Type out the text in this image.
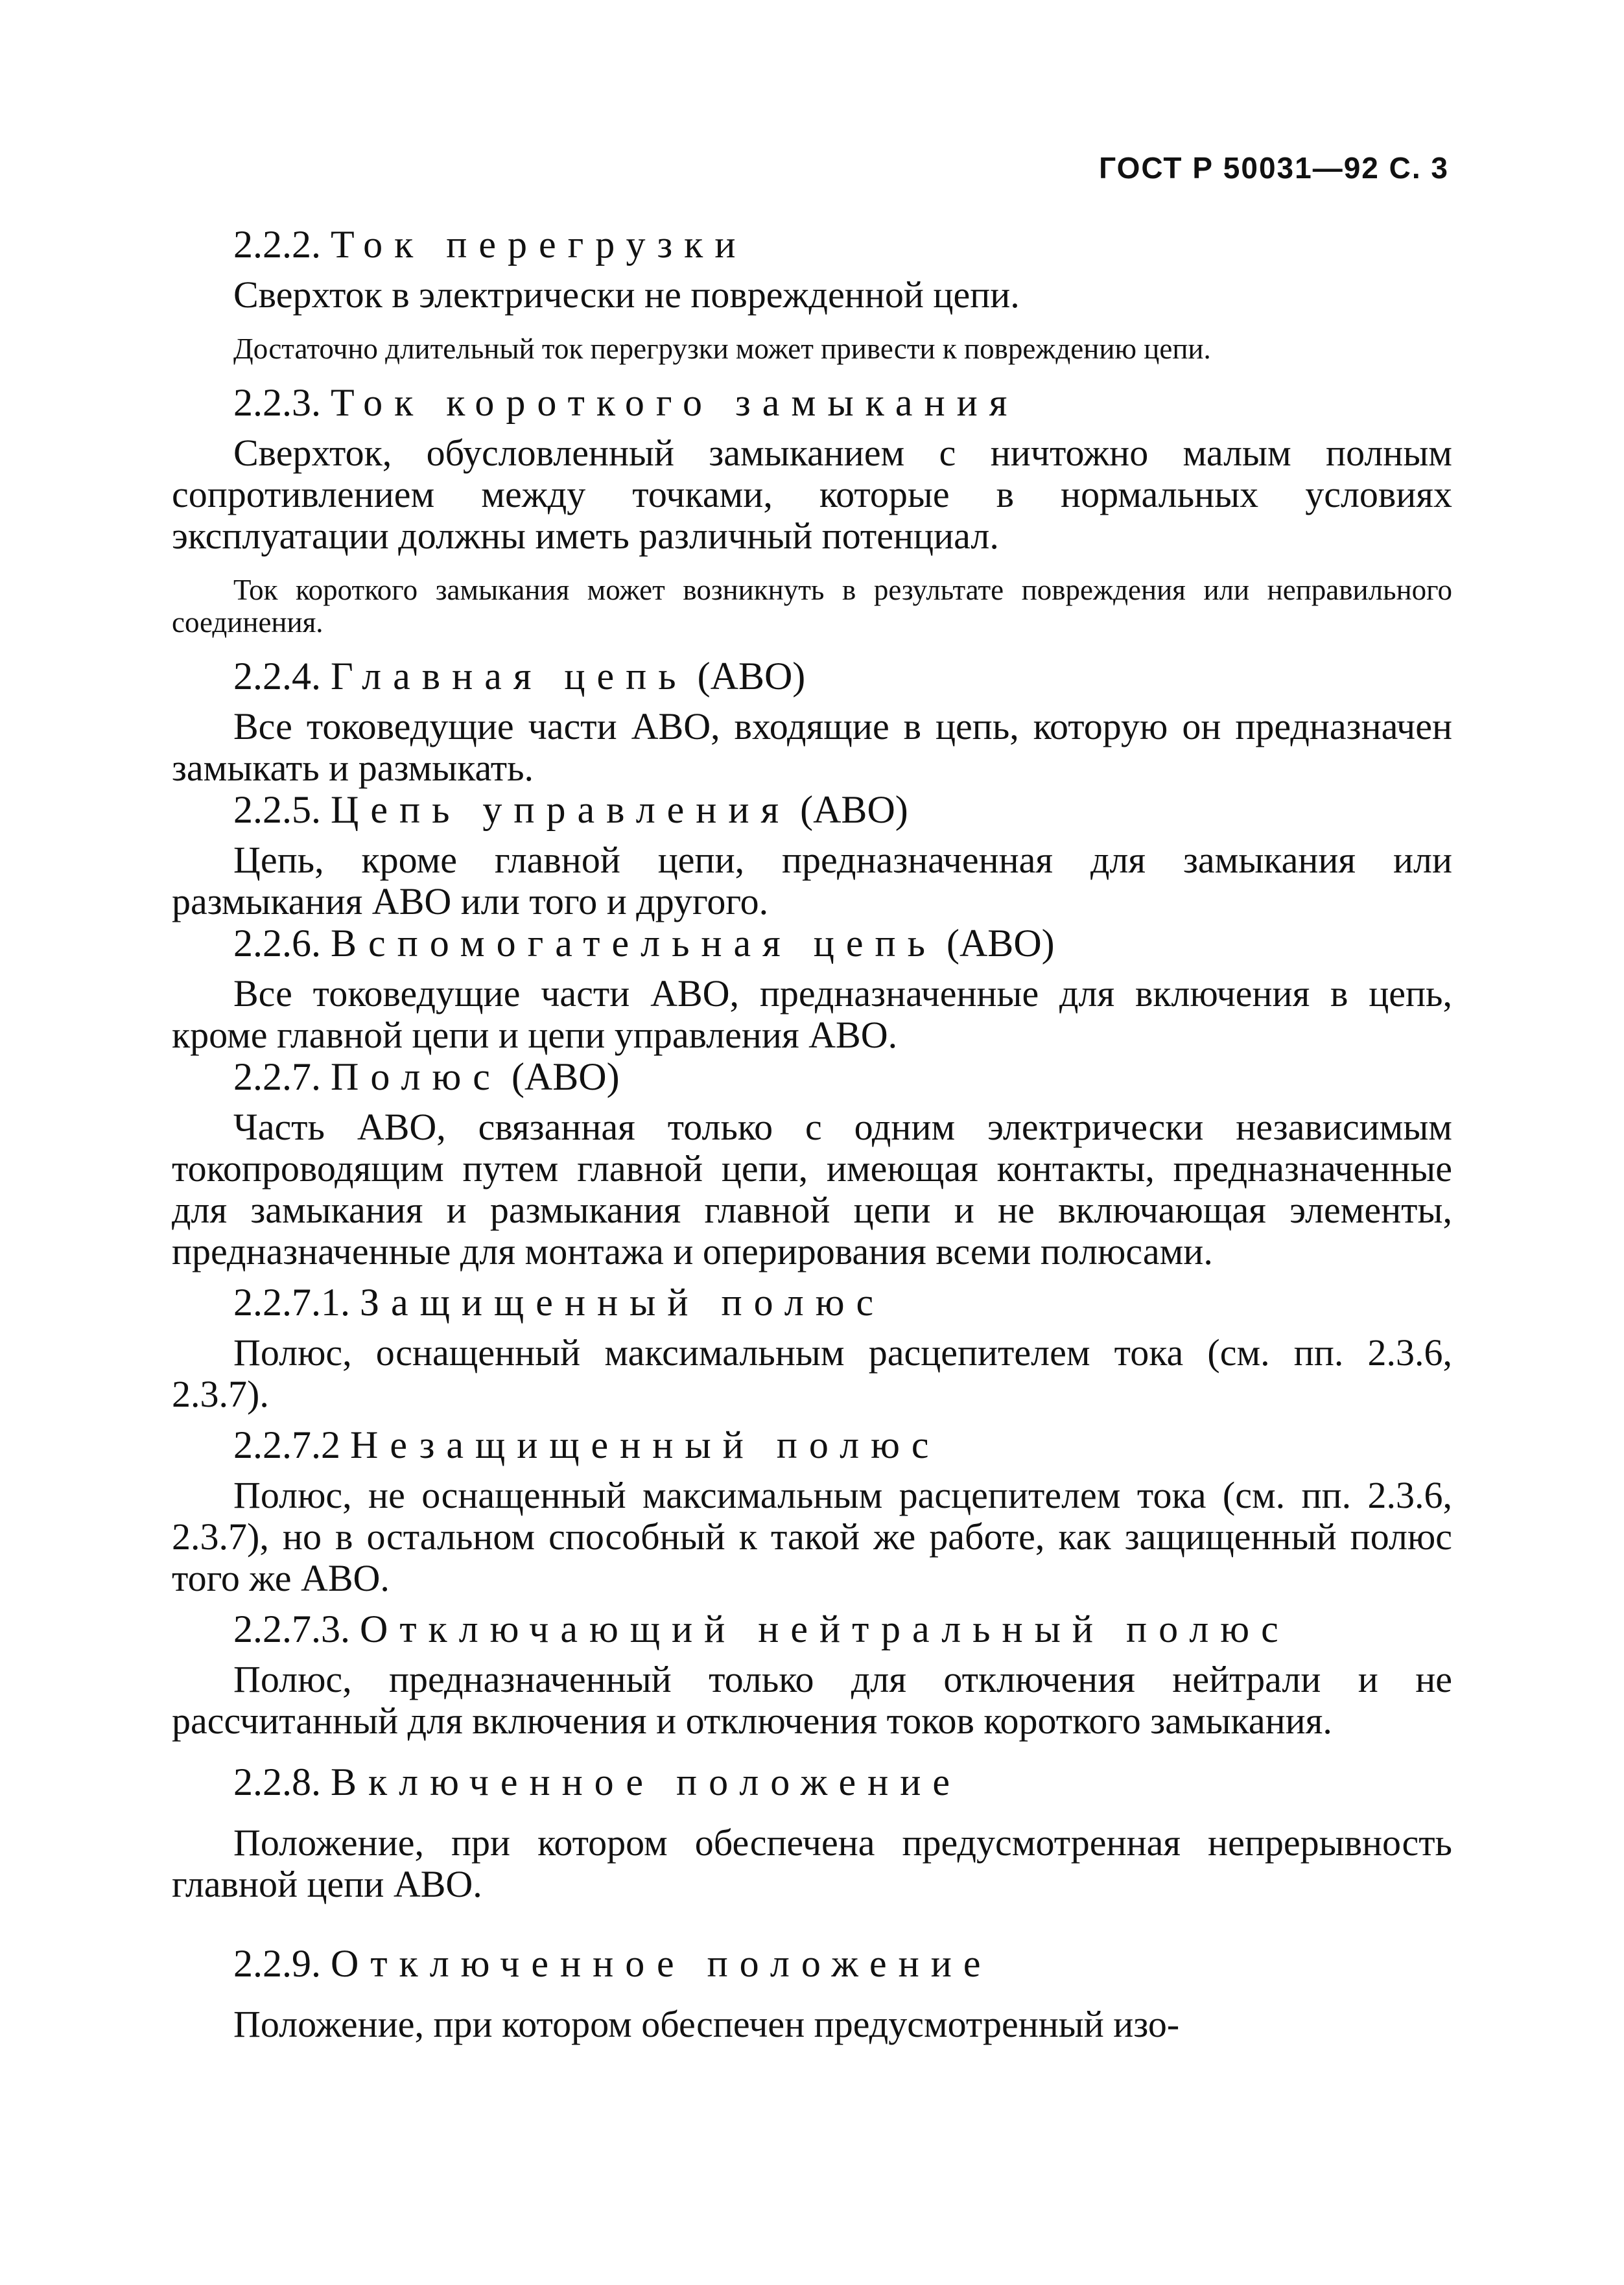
ГОСТ Р 50031—92 С. 3
2.2.2. Ток перегрузки
Сверхток в электрически не поврежденной цепи.
Достаточно длительный ток перегрузки может привести к повреждению цепи.
2.2.3. Ток короткого замыкания
Сверхток, обусловленный замыканием с ничтожно малым полным сопротивлением между точками, которые в нормальных условиях эксплуатации должны иметь различный потенциал.
Ток короткого замыкания может возникнуть в результате повреждения или неправильного соединения.
2.2.4. Главная цепь (АВО)
Все токоведущие части АВО, входящие в цепь, которую он предназначен замыкать и размыкать.
2.2.5. Цепь управления (АВО)
Цепь, кроме главной цепи, предназначенная для замыкания или размыкания АВО или того и другого.
2.2.6. Вспомогательная цепь (АВО)
Все токоведущие части АВО, предназначенные для включения в цепь, кроме главной цепи и цепи управления АВО.
2.2.7. Полюс (АВО)
Часть АВО, связанная только с одним электрически независимым токопроводящим путем главной цепи, имеющая контакты, предназначенные для замыкания и размыкания главной цепи и не включающая элементы, предназначенные для монтажа и оперирования всеми полюсами.
2.2.7.1. Защищенный полюс
Полюс, оснащенный максимальным расцепителем тока (см. пп. 2.3.6, 2.3.7).
2.2.7.2 Незащищенный полюс
Полюс, не оснащенный максимальным расцепителем тока (см. пп. 2.3.6, 2.3.7), но в остальном способный к такой же работе, как защищенный полюс того же АВО.
2.2.7.3. Отключающий нейтральный полюс
Полюс, предназначенный только для отключения нейтрали и не рассчитанный для включения и отключения токов короткого замыкания.
2.2.8. Включенное положение
Положение, при котором обеспечена предусмотренная непрерывность главной цепи АВО.
2.2.9. Отключенное положение
Положение, при котором обеспечен предусмотренный изо-
